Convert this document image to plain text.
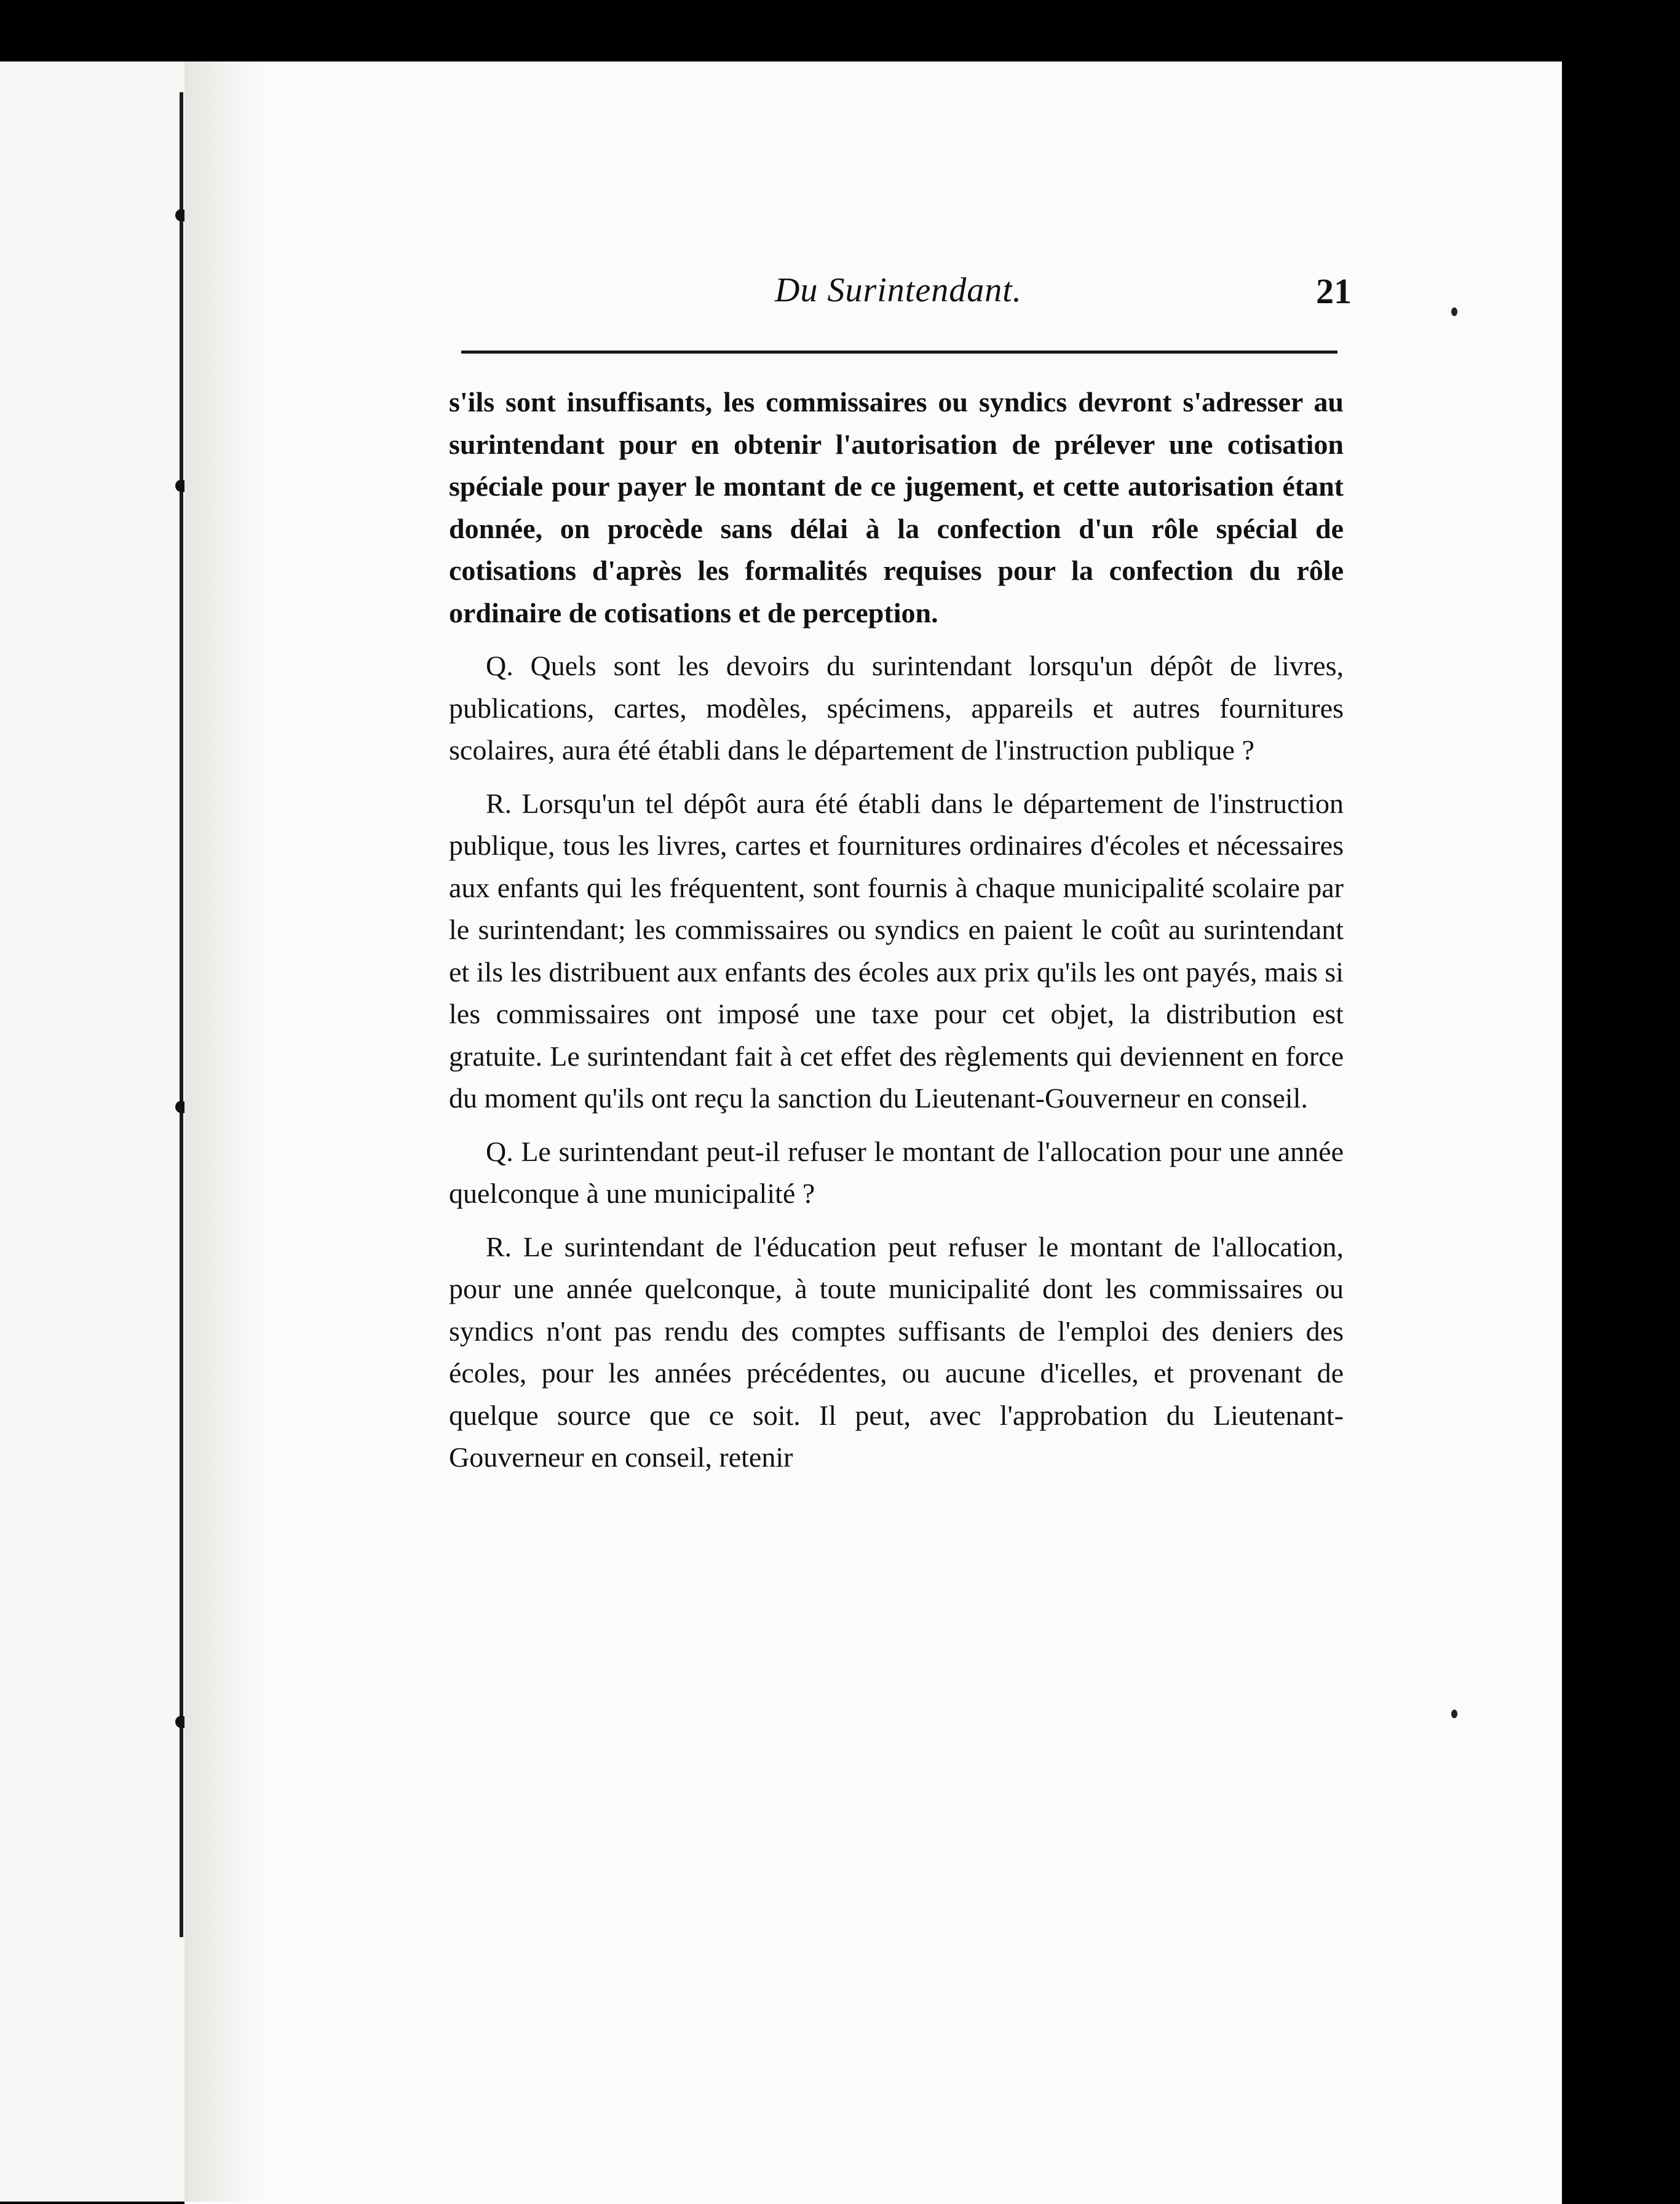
Du Surintendant.	21

s'ils sont insuffisants, les commissaires ou syndics devront s'adresser au surintendant pour en obtenir l'autorisation de prélever une cotisation spéciale pour payer le montant de ce jugement, et cette autorisation étant donnée, on procède sans délai à la confection d'un rôle spécial de cotisations d'après les formalités requises pour la confection du rôle ordinaire de cotisations et de perception.

Q. Quels sont les devoirs du surintendant lorsqu'un dépôt de livres, publications, cartes, modèles, spécimens, appareils et autres fournitures scolaires, aura été établi dans le département de l'instruction publique ?

R. Lorsqu'un tel dépôt aura été établi dans le département de l'instruction publique, tous les livres, cartes et fournitures ordinaires d'écoles et nécessaires aux enfants qui les fréquentent, sont fournis à chaque municipalité scolaire par le surintendant; les commissaires ou syndics en paient le coût au surintendant et ils les distribuent aux enfants des écoles aux prix qu'ils les ont payés, mais si les commissaires ont imposé une taxe pour cet objet, la distribution est gratuite. Le surintendant fait à cet effet des règlements qui deviennent en force du moment qu'ils ont reçu la sanction du Lieutenant-Gouverneur en conseil.

Q. Le surintendant peut-il refuser le montant de l'allocation pour une année quelconque à une municipalité ?

R. Le surintendant de l'éducation peut refuser le montant de l'allocation, pour une année quelconque, à toute municipalité dont les commissaires ou syndics n'ont pas rendu des comptes suffisants de l'emploi des deniers des écoles, pour les années précédentes, ou aucune d'icelles, et provenant de quelque source que ce soit. Il peut, avec l'approbation du Lieutenant-Gouverneur en conseil, retenir
